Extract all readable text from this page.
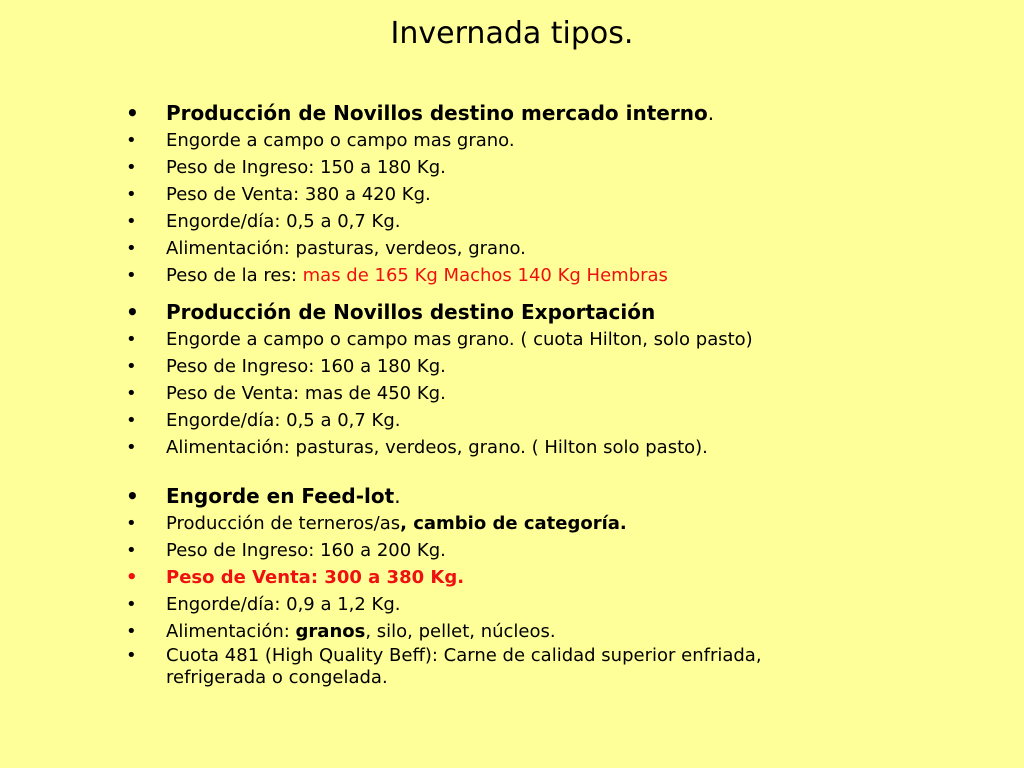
Invernada tipos.
• Producción de Novillos destino mercado interno.
• Engorde a campo o campo mas grano.
• Peso de Ingreso: 150 a 180 Kg.
• Peso de Venta: 380 a 420 Kg.
• Engorde/día: 0,5 a 0,7 Kg.
• Alimentación: pasturas, verdeos, grano.
• Peso de la res: mas de 165 Kg Machos 140 Kg Hembras
• Producción de Novillos destino Exportación
• Engorde a campo o campo mas grano. ( cuota Hilton, solo pasto)
• Peso de Ingreso: 160 a 180 Kg.
• Peso de Venta: mas de 450 Kg.
• Engorde/día: 0,5 a 0,7 Kg.
• Alimentación: pasturas, verdeos, grano. ( Hilton solo pasto).
• Engorde en Feed-lot.
• Producción de terneros/as, cambio de categoría.
• Peso de Ingreso: 160 a 200 Kg.
• Peso de Venta: 300 a 380 Kg.
• Engorde/día: 0,9 a 1,2 Kg.
• Alimentación: granos, silo, pellet, núcleos.
• Cuota 481 (High Quality Beff): Carne de calidad superior enfriada,
refrigerada o congelada.
